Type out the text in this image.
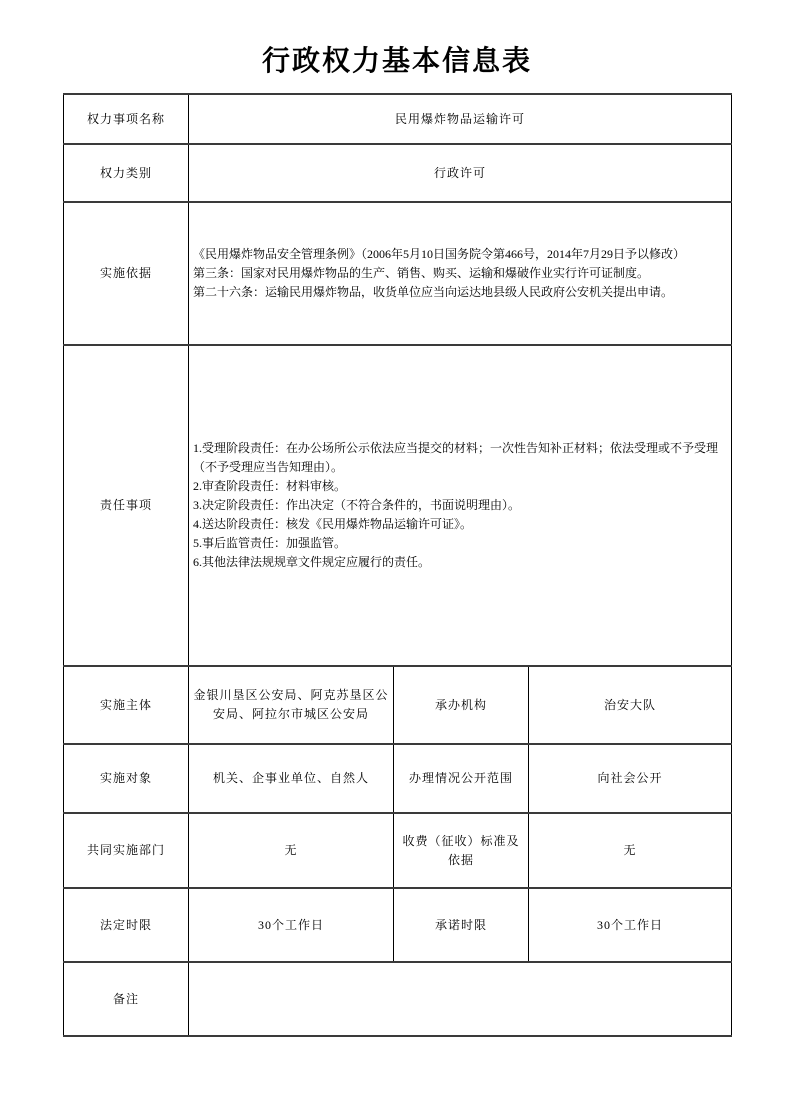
行政权力基本信息表
权力事项名称	民用爆炸物品运输许可		
权力类别	行政许可		
实施依据	《民用爆炸物品安全管理条例》（2006年5月10日国务院令第466号，2014年7月29日予以修改）
第三条：国家对民用爆炸物品的生产、销售、购买、运输和爆破作业实行许可证制度。
第二十六条：运输民用爆炸物品，收货单位应当向运达地县级人民政府公安机关提出申请。		

责任事项	
1.受理阶段责任：在办公场所公示依法应当提交的材料；一次性告知补正材料；依法受理或不予受理（不予受理应当告知理由）。
2.审查阶段责任：材料审核。
3.决定阶段责任：作出决定（不符合条件的，书面说明理由）。
4.送达阶段责任：核发《民用爆炸物品运输许可证》。
5.事后监管责任：加强监管。
6.其他法律法规规章文件规定应履行的责任。

实施主体	金银川垦区公安局、阿克苏垦区公安局、阿拉尔市城区公安局	承办机构	治安大队
实施对象	机关、企事业单位、自然人	办理情况公开范围	向社会公开
共同实施部门	无	收费（征收）标准及依据	无
法定时限	30个工作日	承诺时限	30个工作日
备注			
